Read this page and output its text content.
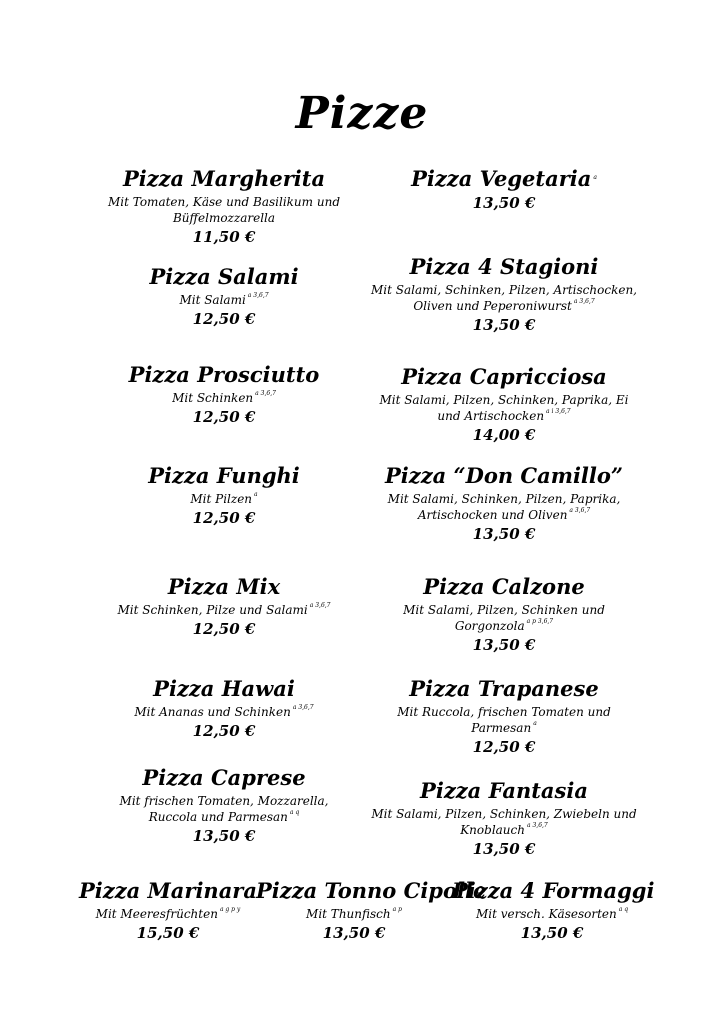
Pizze
Pizza Margherita
Mit Tomaten, Käse und Basilikum und Büffelmozzarella
11,50 €
Pizza Vegetaria $^a$
13,50 €
Pizza Salami
Mit Salami $^{a 3,6,7}$
12,50 €
Pizza 4 Stagioni
Mit Salami, Schinken, Pilzen, Artischocken, Oliven und Peperoniwurst $^{a 3,6,7}$
13,50 €
Pizza Prosciutto
Mit Schinken $^{a 3,6,7}$
12,50 €
Pizza Capricciosa
Mit Salami, Pilzen, Schinken, Paprika, Ei und Artischocken $^{a i 3,6,7}$
14,00 €
Pizza Funghi
Mit Pilzen $^a$
12,50 €
Pizza “Don Camillo”
Mit Salami, Schinken, Pilzen, Paprika, Artischocken und Oliven $^{a 3,6,7}$
13,50 €
Pizza Mix
Mit Schinken, Pilze und Salami $^{a 3,6,7}$
12,50 €
Pizza Calzone
Mit Salami, Pilzen, Schinken und Gorgonzola $^{a p 3,6,7}$
13,50 €
Pizza Hawai
Mit Ananas und Schinken $^{a 3,6,7}$
12,50 €
Pizza Trapanese
Mit Ruccola, frischen Tomaten und Parmesan $^a$
12,50 €
Pizza Caprese
Mit frischen Tomaten, Mozzarella, Ruccola und Parmesan $^{a q}$
13,50 €
Pizza Fantasia
Mit Salami, Pilzen, Schinken, Zwiebeln und Knoblauch $^{a 3,6,7}$
13,50 €
Pizza Marinara
Mit Meeresfrüchten $^{a g p y}$
15,50 €
Pizza Tonno Cipolle
Mit Thunfisch $^{a p}$
13,50 €
Pizza 4 Formaggi
Mit versch. Käsesorten $^{a q}$
13,50 €
